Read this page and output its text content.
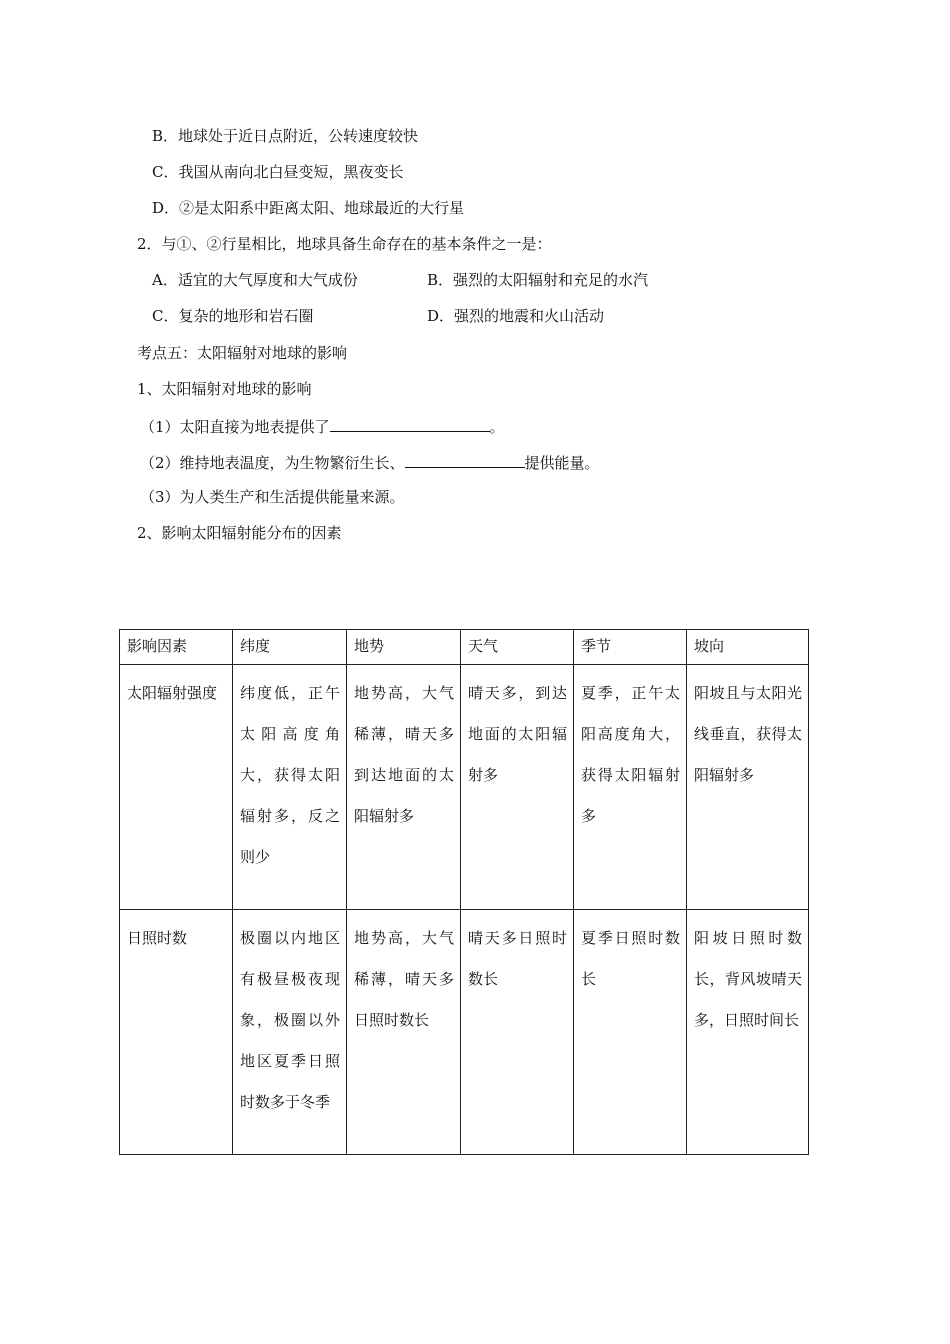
B．地球处于近日点附近，公转速度较快
C．我国从南向北白昼变短，黑夜变长
D．②是太阳系中距离太阳、地球最近的大行星
2．与①、②行星相比，地球具备生命存在的基本条件之一是：
A．适宜的大气厚度和大气成份	B．强烈的太阳辐射和充足的水汽
C．复杂的地形和岩石圈	D．强烈的地震和火山活动
考点五：太阳辐射对地球的影响
1、太阳辐射对地球的影响
（1）太阳直接为地表提供了	。
（2）维持地表温度，为生物繁衍生长、	提供能量。
（3）为人类生产和生活提供能量来源。
2、影响太阳辐射能分布的因素
影响因素	纬度	地势	天气	季节	坡向
太阳辐射强度	纬度低，正午太阳高度角大，获得太阳辐射多，反之则少	地势高，大气稀薄，晴天多到达地面的太阳辐射多	晴天多，到达地面的太阳辐射多	夏季，正午太阳高度角大，获得太阳辐射多	阳坡且与太阳光线垂直，获得太阳辐射多
日照时数	极圈以内地区有极昼极夜现象，极圈以外地区夏季日照时数多于冬季	地势高，大气稀薄，晴天多日照时数长	晴天多日照时数长	夏季日照时数长	阳坡日照时数长，背风坡晴天多，日照时间长
